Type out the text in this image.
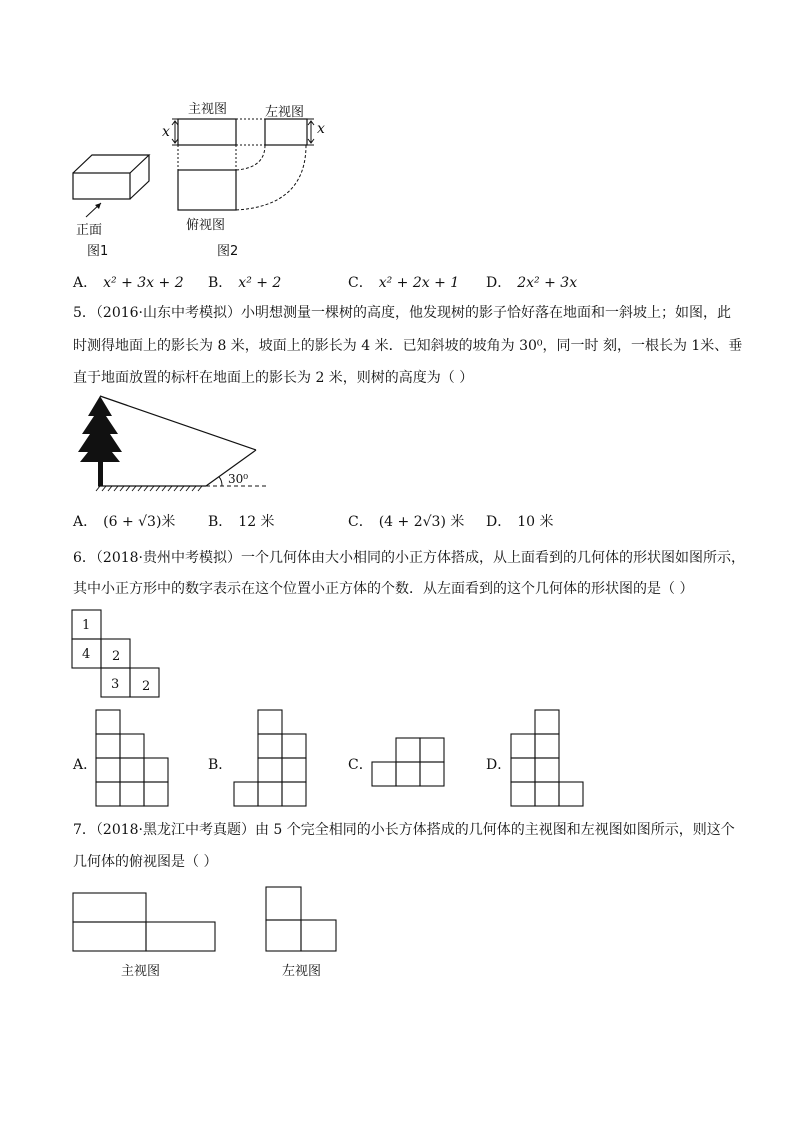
主视图	左视图
x	x
俯视图
正面
图1	图2
A． x² + 3x + 2 B． x² + 2	C． x² + 2x + 1 D． 2x² + 3x
5．（2016·山东中考模拟）小明想测量一棵树的高度，他发现树的影子恰好落在地面和一斜坡上；如图，此
时测得地面上的影长为 8 米，坡面上的影长为 4 米．已知斜坡的坡角为 30⁰，同一时 刻，一根长为 1米、垂
直于地面放置的标杆在地面上的影长为 2 米，则树的高度为（ ）
30⁰
A． (6 + √3)米 B． 12 米	C． (4 + 2√3) 米 D． 10 米
6．（2018·贵州中考模拟）一个几何体由大小相同的小正方体搭成，从上面看到的几何体的形状图如图所示，
其中小正方形中的数字表示在这个位置小正方体的个数．从左面看到的这个几何体的形状图的是（ ）
1
4 2
3 2
A．	B．	C．	D．
7．（2018·黑龙江中考真题）由 5 个完全相同的小长方体搭成的几何体的主视图和左视图如图所示，则这个
几何体的俯视图是（ ）
主视图	左视图
